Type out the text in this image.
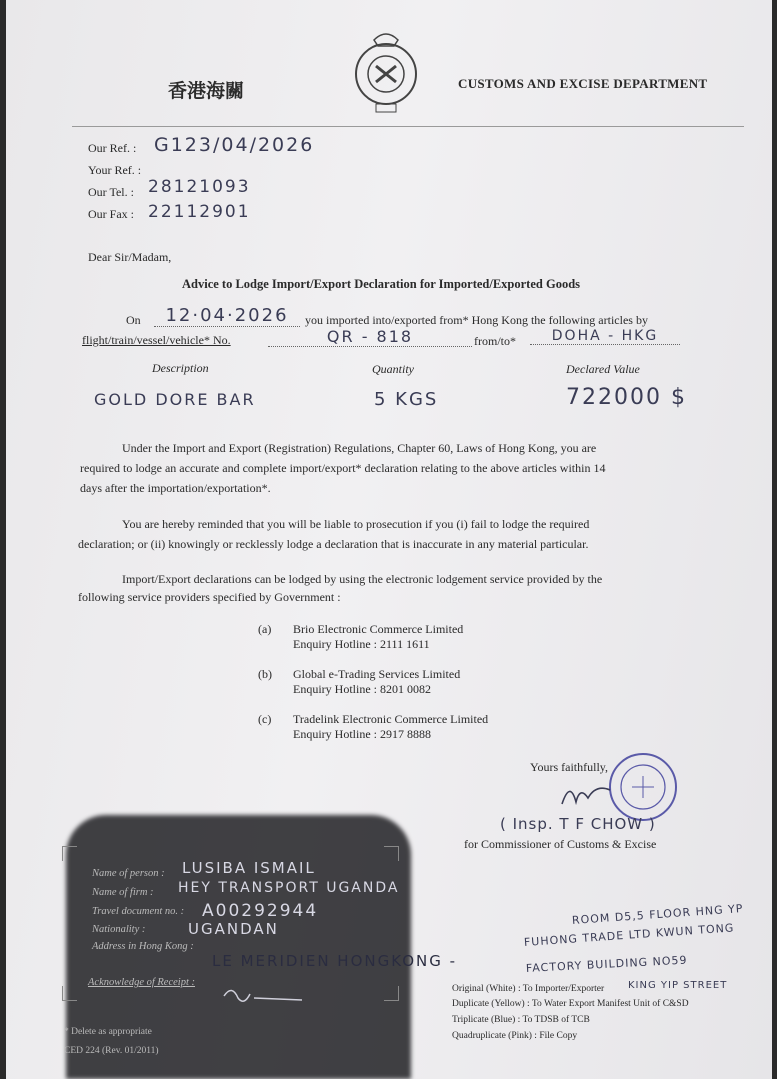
香港海關	CUSTOMS AND EXCISE DEPARTMENT
Our Ref. : G123/04/2026
Your Ref. :
Our Tel. : 28121093
Our Fax : 22112901
Dear Sir/Madam,
Advice to Lodge Import/Export Declaration for Imported/Exported Goods
On	12·04·2026	you imported into/exported from* Hong Kong the following articles by
flight/train/vessel/vehicle* No.	QR - 818	from/to*	DOHA - HKG
Description	Quantity	Declared Value
GOLD DORE BAR	5 KGS	722000 $
Under the Import and Export (Registration) Regulations, Chapter 60, Laws of Hong Kong, you are
required to lodge an accurate and complete import/export* declaration relating to the above articles within 14
days after the importation/exportation*.
You are hereby reminded that you will be liable to prosecution if you (i) fail to lodge the required
declaration; or (ii) knowingly or recklessly lodge a declaration that is inaccurate in any material particular.
Import/Export declarations can be lodged by using the electronic lodgement service provided by the
following service providers specified by Government :
(a) Brio Electronic Commerce Limited
Enquiry Hotline : 2111 1611
(b) Global e-Trading Services Limited
Enquiry Hotline : 8201 0082
(c) Tradelink Electronic Commerce Limited
Enquiry Hotline : 2917 8888
Yours faithfully,
( Insp. T F CHOW )
for Commissioner of Customs & Excise
Name of person : LUSIBA ISMAIL
Name of firm : HEY TRANSPORT UGANDA
Travel document no. : A00292944
Nationality :	UGANDAN
Address in Hong Kong :
LE MERIDIEN HONGKONG -
ROOM D5,5 FLOOR HNG YP
FUHONG TRADE LTD KWUN TONG
FACTORY BUILDING NO59
KING YIP STREET
Acknowledge of Receipt :
Original (White) : To Importer/Exporter
Duplicate (Yellow) : To Water Export Manifest Unit of C&SD
Triplicate (Blue) : To TDSB of TCB
Quadruplicate (Pink) : File Copy
* Delete as appropriate
CED 224 (Rev. 01/2011)
